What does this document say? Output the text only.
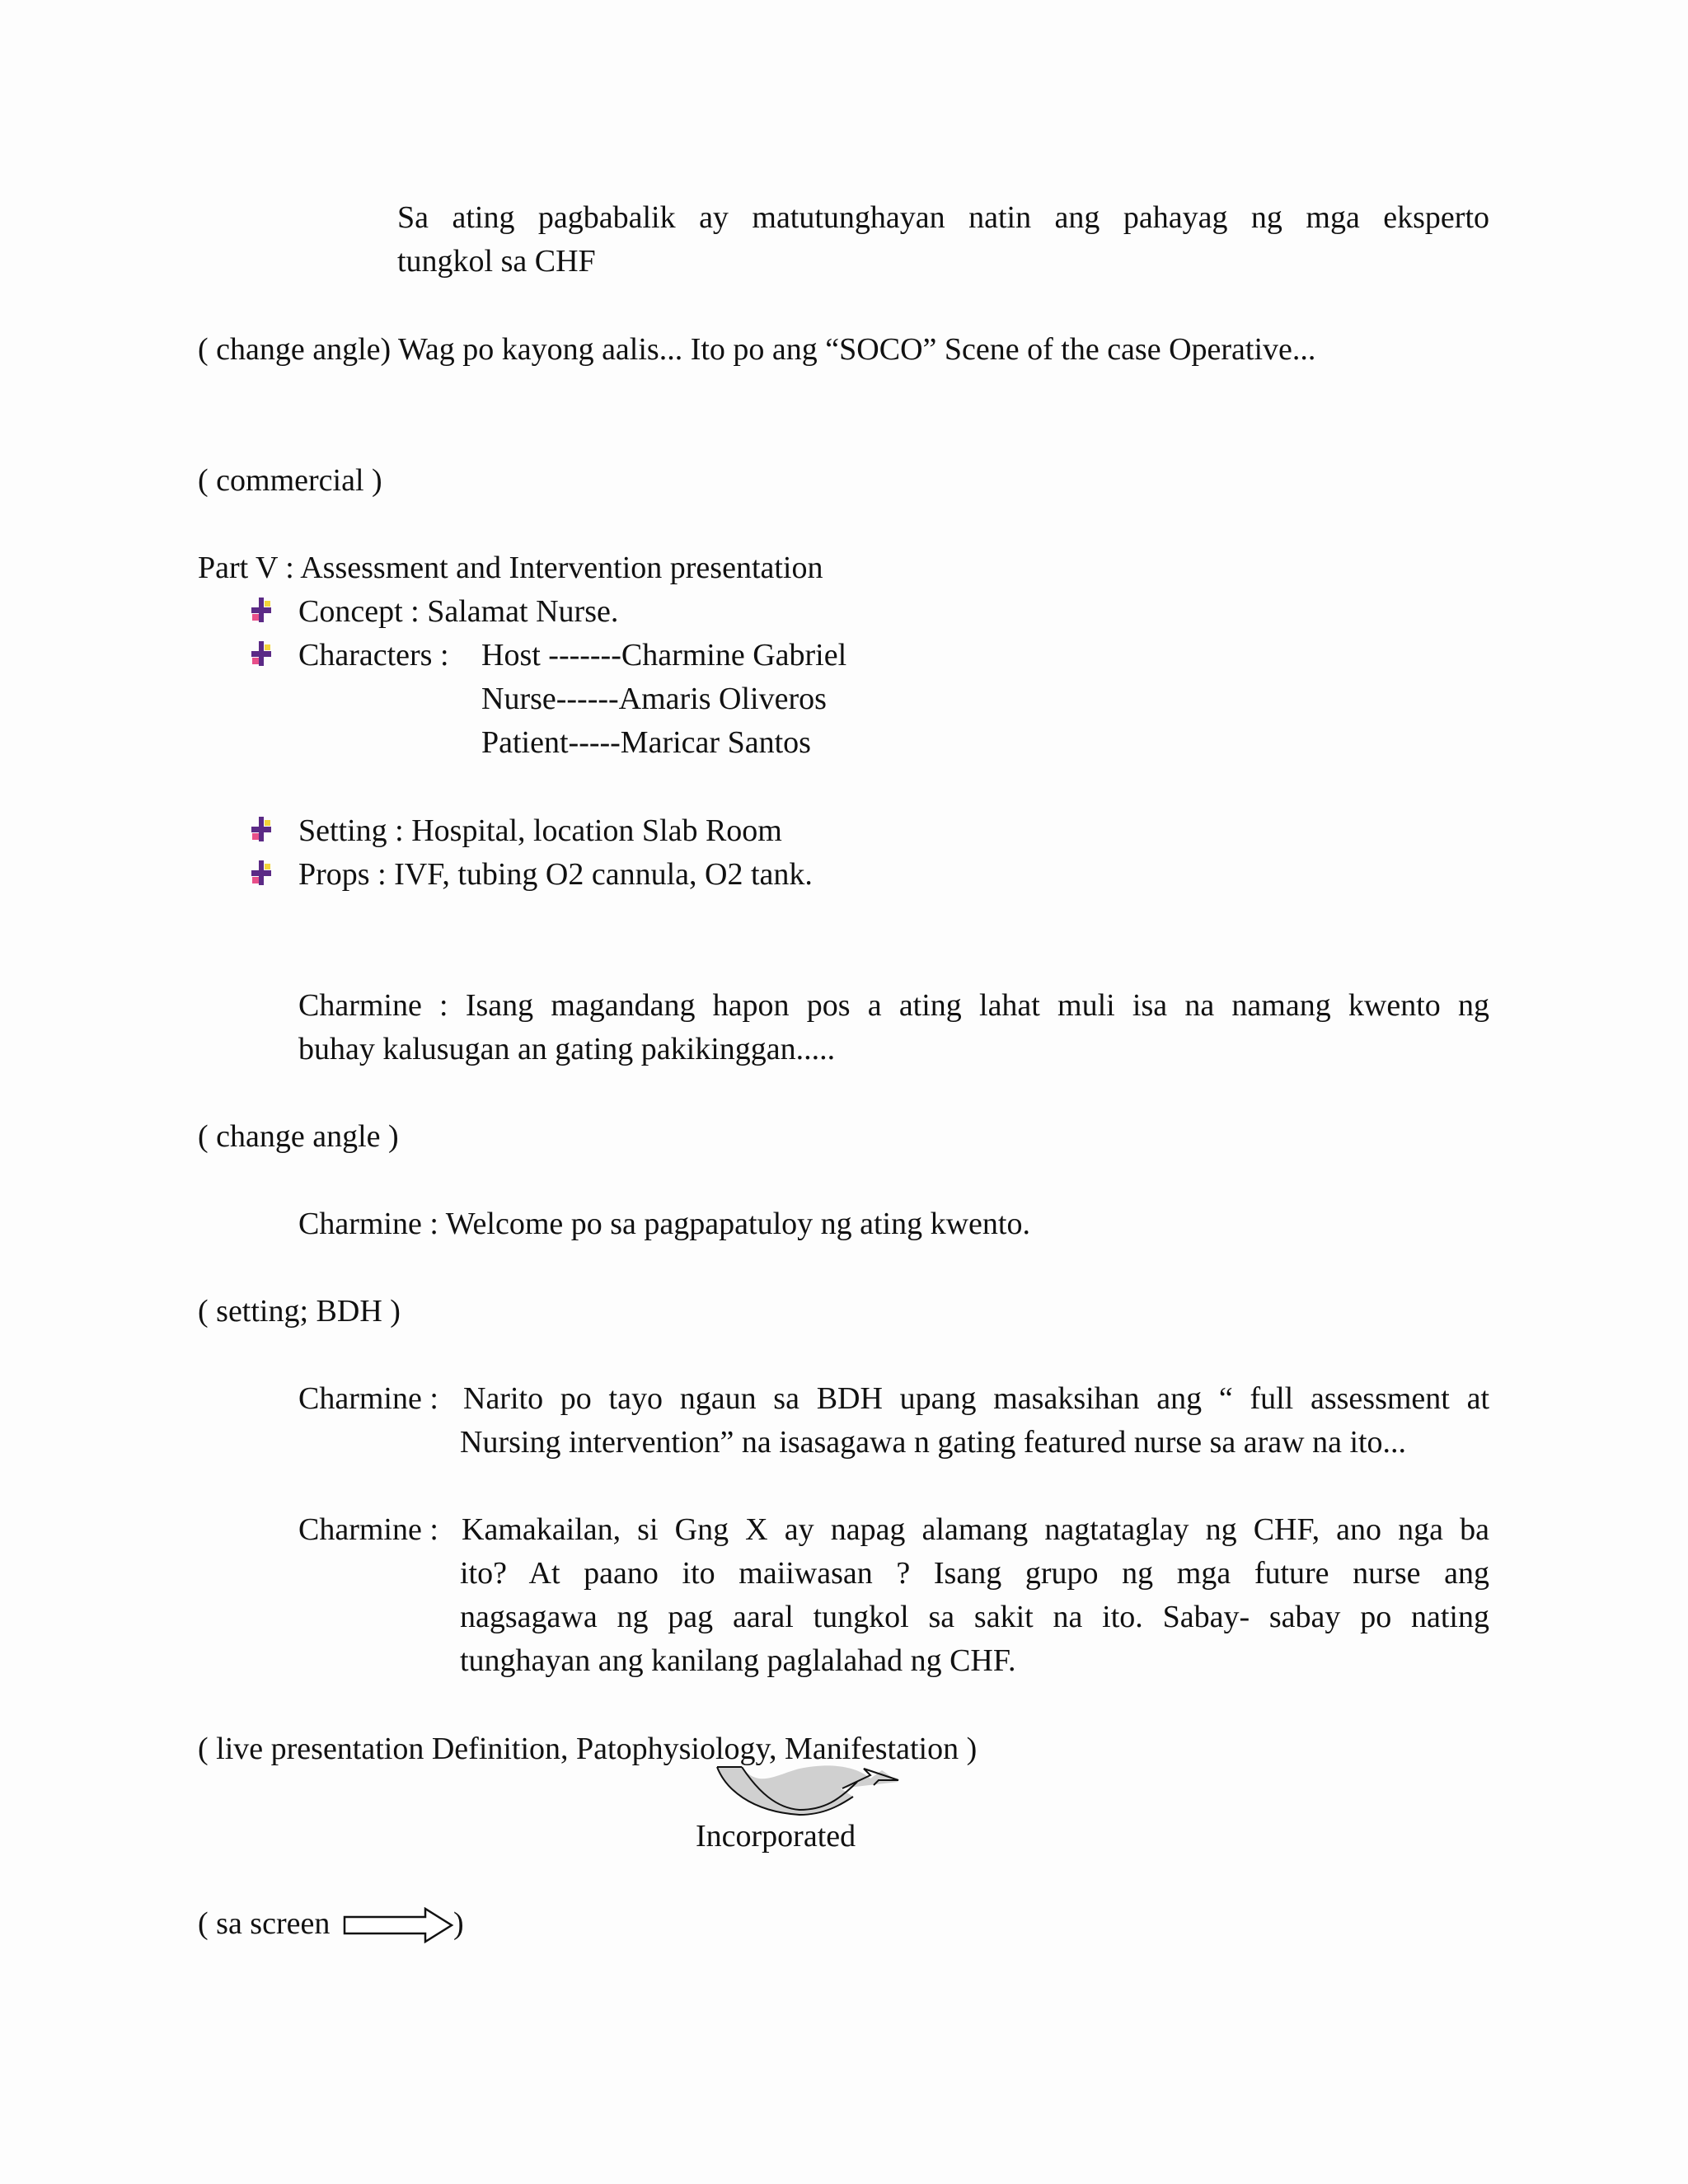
Sa ating pagbabalik ay matutunghayan natin ang pahayag ng mga eksperto
tungkol sa CHF
( change angle) Wag po kayong aalis... Ito po ang “SOCO” Scene of the case Operative...
( commercial )
Part V : Assessment and Intervention presentation
Concept : Salamat Nurse.
Characters : Host -------Charmine Gabriel
Nurse------Amaris Oliveros
Patient-----Maricar Santos
Setting : Hospital, location Slab Room
Props : IVF, tubing O2 cannula, O2 tank.
Charmine : Isang magandang hapon pos a ating lahat muli isa na namang kwento ng
buhay kalusugan an gating pakikinggan.....
( change angle )
Charmine : Welcome po sa pagpapatuloy ng ating kwento.
( setting; BDH )
Charmine : Narito po tayo ngaun sa BDH upang masaksihan ang “ full assessment at
Nursing intervention” na isasagawa n gating featured nurse sa araw na ito...
Charmine : Kamakailan, si Gng X ay napag alamang nagtataglay ng CHF, ano nga ba
ito? At paano ito maiiwasan ? Isang grupo ng mga future nurse ang
nagsagawa ng pag aaral tungkol sa sakit na ito. Sabay- sabay po nating
tunghayan ang kanilang paglalahad ng CHF.
( live presentation Definition, Patophysiology, Manifestation )
Incorporated
( sa screen	)
